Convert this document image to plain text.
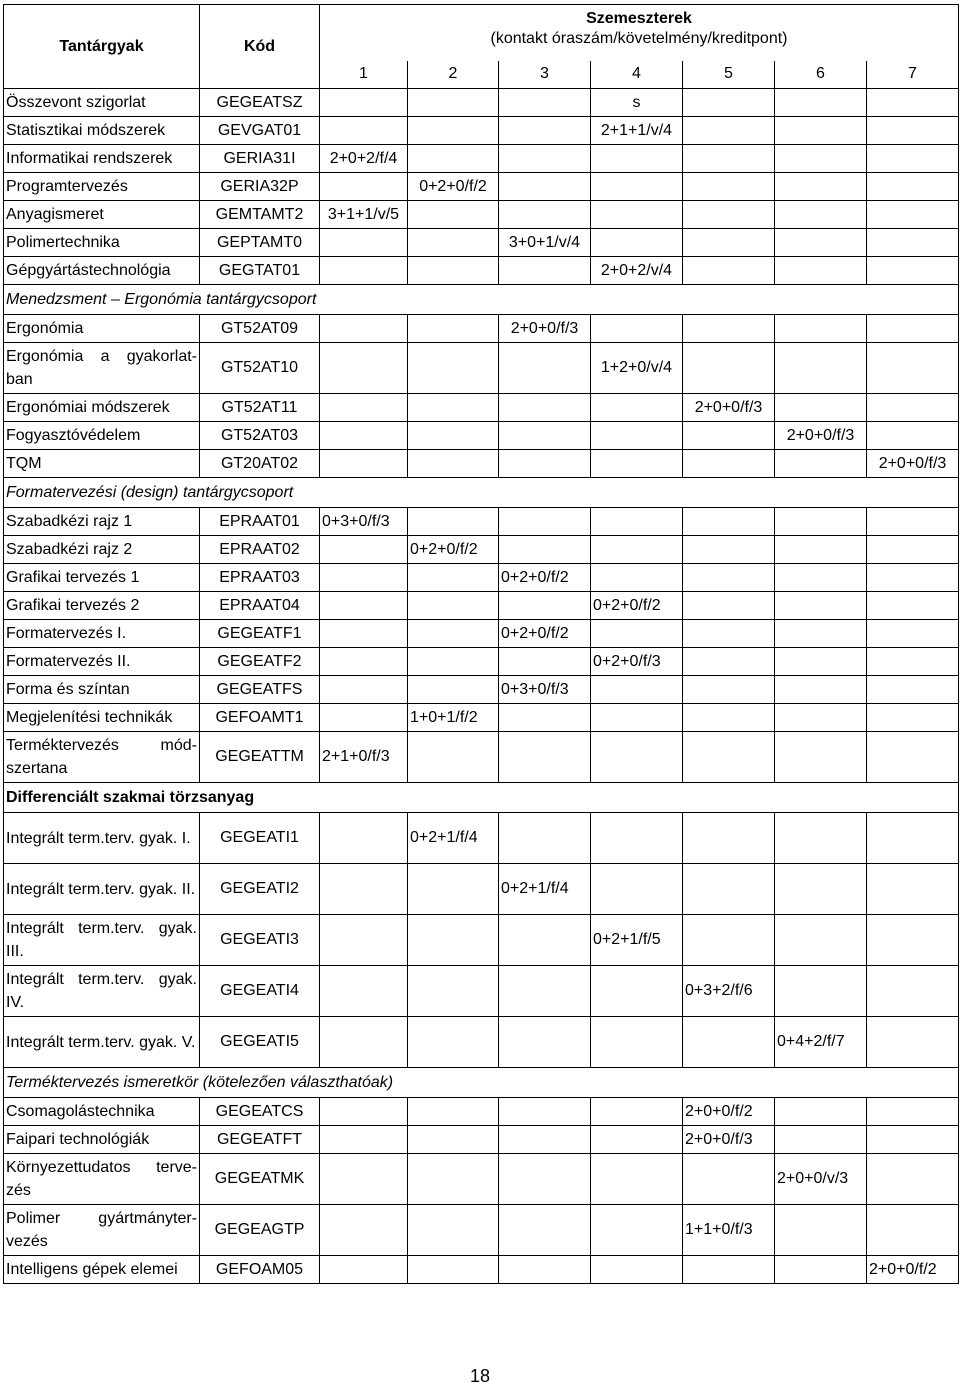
Tantárgyak	Kód	Szemeszterek
(kontakt óraszám/követelmény/kreditpont)						
		1	2	3	4	5	6	7
Összevont szigorlat	GEGEATSZ				s			
Statisztikai módszerek	GEVGAT01				2+1+1/v/4			
Informatikai rendszerek	GERIA31I	2+0+2/f/4						
Programtervezés	GERIA32P		0+2+0/f/2					
Anyagismeret	GEMTAMT2	3+1+1/v/5						
Polimertechnika	GEPTAMT0			3+0+1/v/4				
Gépgyártástechnológia	GEGTAT01				2+0+2/v/4			
Menedzsment – Ergonómia tantárgycsoport								
Ergonómia	GT52AT09			2+0+0/f/3				
Ergonómia a gyakorlat-ban	GT52AT10				1+2+0/v/4			
Ergonómiai módszerek	GT52AT11					2+0+0/f/3		
Fogyasztóvédelem	GT52AT03						2+0+0/f/3	
TQM	GT20AT02							2+0+0/f/3
Formatervezési (design) tantárgycsoport								
Szabadkézi rajz 1	EPRAAT01	0+3+0/f/3						
Szabadkézi rajz 2	EPRAAT02		0+2+0/f/2					
Grafikai tervezés 1	EPRAAT03			0+2+0/f/2				
Grafikai tervezés 2	EPRAAT04				0+2+0/f/2			
Formatervezés I.	GEGEATF1			0+2+0/f/2				
Formatervezés II.	GEGEATF2				0+2+0/f/3			
Forma és színtan	GEGEATFS			0+3+0/f/3				
Megjelenítési technikák	GEFOAMT1		1+0+1/f/2					
Terméktervezés mód-szertana	GEGEATTM	2+1+0/f/3						
Differenciált szakmai törzsanyag								
Integrált term.terv. gyak. I.	GEGEATI1		0+2+1/f/4					
Integrált term.terv. gyak. II.	GEGEATI2			0+2+1/f/4				
Integrált term.terv. gyak. III.	GEGEATI3				0+2+1/f/5			
Integrált term.terv. gyak. IV.	GEGEATI4					0+3+2/f/6		
Integrált term.terv. gyak. V.	GEGEATI5						0+4+2/f/7	
Terméktervezés ismeretkör (kötelezően választhatóak)								
Csomagolástechnika	GEGEATCS					2+0+0/f/2		
Faipari technológiák	GEGEATFT					2+0+0/f/3		
Környezettudatos terve-zés	GEGEATMK						2+0+0/v/3	
Polimer gyártmányter-vezés	GEGEAGTP					1+1+0/f/3		
Intelligens gépek elemei	GEFOAM05							2+0+0/f/2
18
